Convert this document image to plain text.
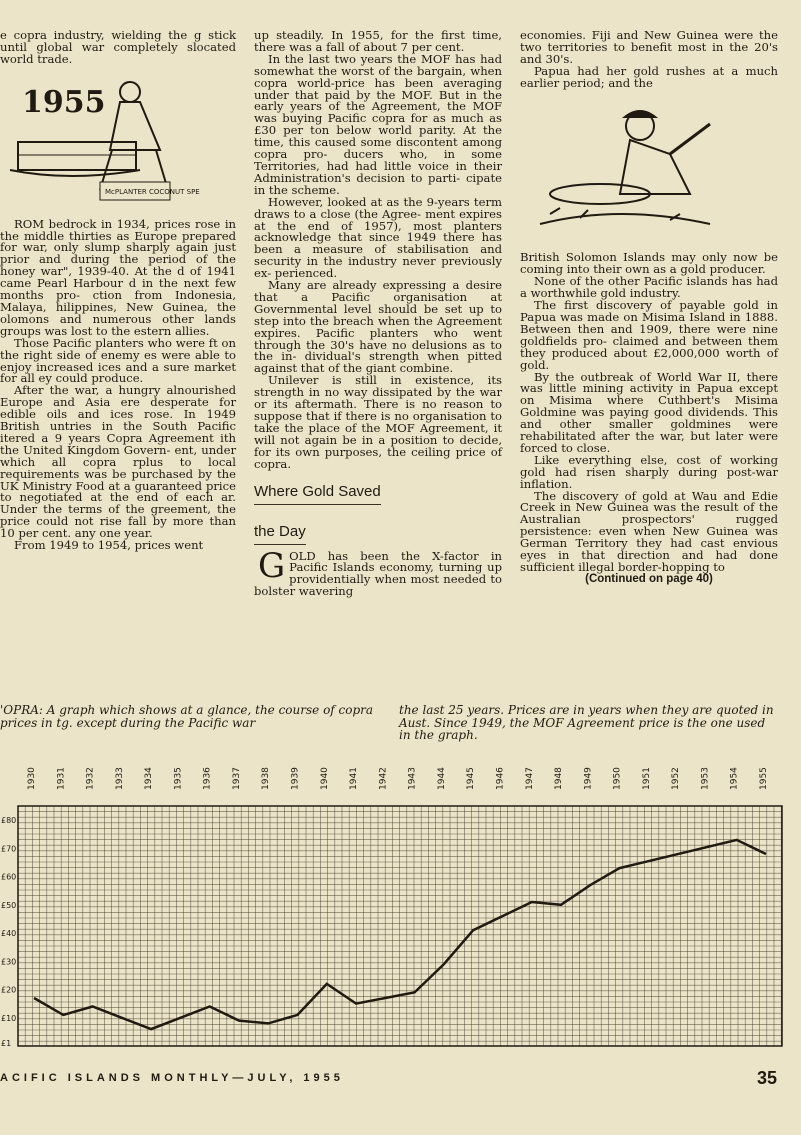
e copra industry, wielding the g stick until global war completely slocated world trade.

1955
McPLANTER COCONUT SPEC.

ROM bedrock in 1934, prices rose in the middle thirties as Europe prepared for war, only slump sharply again just prior and during the period of the honey war", 1939-40. At the d of 1941 came Pearl Harbour d in the next few months pro- ction from Indonesia, Malaya, hilippines, New Guinea, the olomons and numerous other lands groups was lost to the estern allies.

Those Pacific planters who were ft on the right side of enemy es were able to enjoy increased ices and a sure market for all ey could produce.

After the war, a hungry alnourished Europe and Asia ere desperate for edible oils and ices rose. In 1949 British untries in the South Pacific itered a 9 years Copra Agreement ith the United Kingdom Govern- ent, under which all copra rplus to local requirements was be purchased by the UK Ministry Food at a guaranteed price to negotiated at the end of each ar. Under the terms of the greement, the price could not rise fall by more than 10 per cent. any one year.

From 1949 to 1954, prices went

up steadily. In 1955, for the first time, there was a fall of about 7 per cent.

In the last two years the MOF has had somewhat the worst of the bargain, when copra world-price has been averaging under that paid by the MOF. But in the early years of the Agreement, the MOF was buying Pacific copra for as much as £30 per ton below world parity. At the time, this caused some discontent among copra pro- ducers who, in some Territories, had had little voice in their Administration's decision to parti- cipate in the scheme.

However, looked at as the 9-years term draws to a close (the Agree- ment expires at the end of 1957), most planters acknowledge that since 1949 there has been a measure of stabilisation and security in the industry never previously ex- perienced.

Many are already expressing a desire that a Pacific organisation at Governmental level should be set up to step into the breach when the Agreement expires. Pacific planters who went through the 30's have no delusions as to the in- dividual's strength when pitted against that of the giant combine.

Unilever is still in existence, its strength in no way dissipated by the war or its aftermath. There is no reason to suppose that if there is no organisation to take the place of the MOF Agreement, it will not again be in a position to decide, for its own purposes, the ceiling price of copra.

Where Gold Saved
the Day

GOLD has been the X-factor in Pacific Islands economy, turning up providentially when most needed to bolster wavering

economies. Fiji and New Guinea were the two territories to benefit most in the 20's and 30's.

Papua had her gold rushes at a much earlier period; and the

British Solomon Islands may only now be coming into their own as a gold producer.

None of the other Pacific islands has had a worthwhile gold industry.

The first discovery of payable gold in Papua was made on Misima Island in 1888. Between then and 1909, there were nine goldfields pro- claimed and between them they produced about £2,000,000 worth of gold.

By the outbreak of World War II, there was little mining activity in Papua except on Misima where Cuthbert's Misima Goldmine was paying good dividends. This and other smaller goldmines were rehabilitated after the war, but later were forced to close.

Like everything else, cost of working gold had risen sharply during post-war inflation.

The discovery of gold at Wau and Edie Creek in New Guinea was the result of the Australian prospectors' rugged persistence: even when New Guinea was German Territory they had cast envious eyes in that direction and had done sufficient illegal border-hopping to

(Continued on page 40)

'OPRA: A graph which shows at a glance, the course of copra prices in tg. except during the Pacific war
the last 25 years. Prices are in years when they are quoted in Aust. Since 1949, the MOF Agreement price is the one used in the graph.
1930 1931 1932 1933 1934 1935 1936 1937 1938 1939 1940 1941 1942 1943 1944 1945 1946 1947 1948 1949 1950 1951 1952 1953 1954 1955
£80
£70
£60
£50
£40
£30
£20
£10
£1
ACIFIC ISLANDS MONTHLY—JULY, 1955	35
